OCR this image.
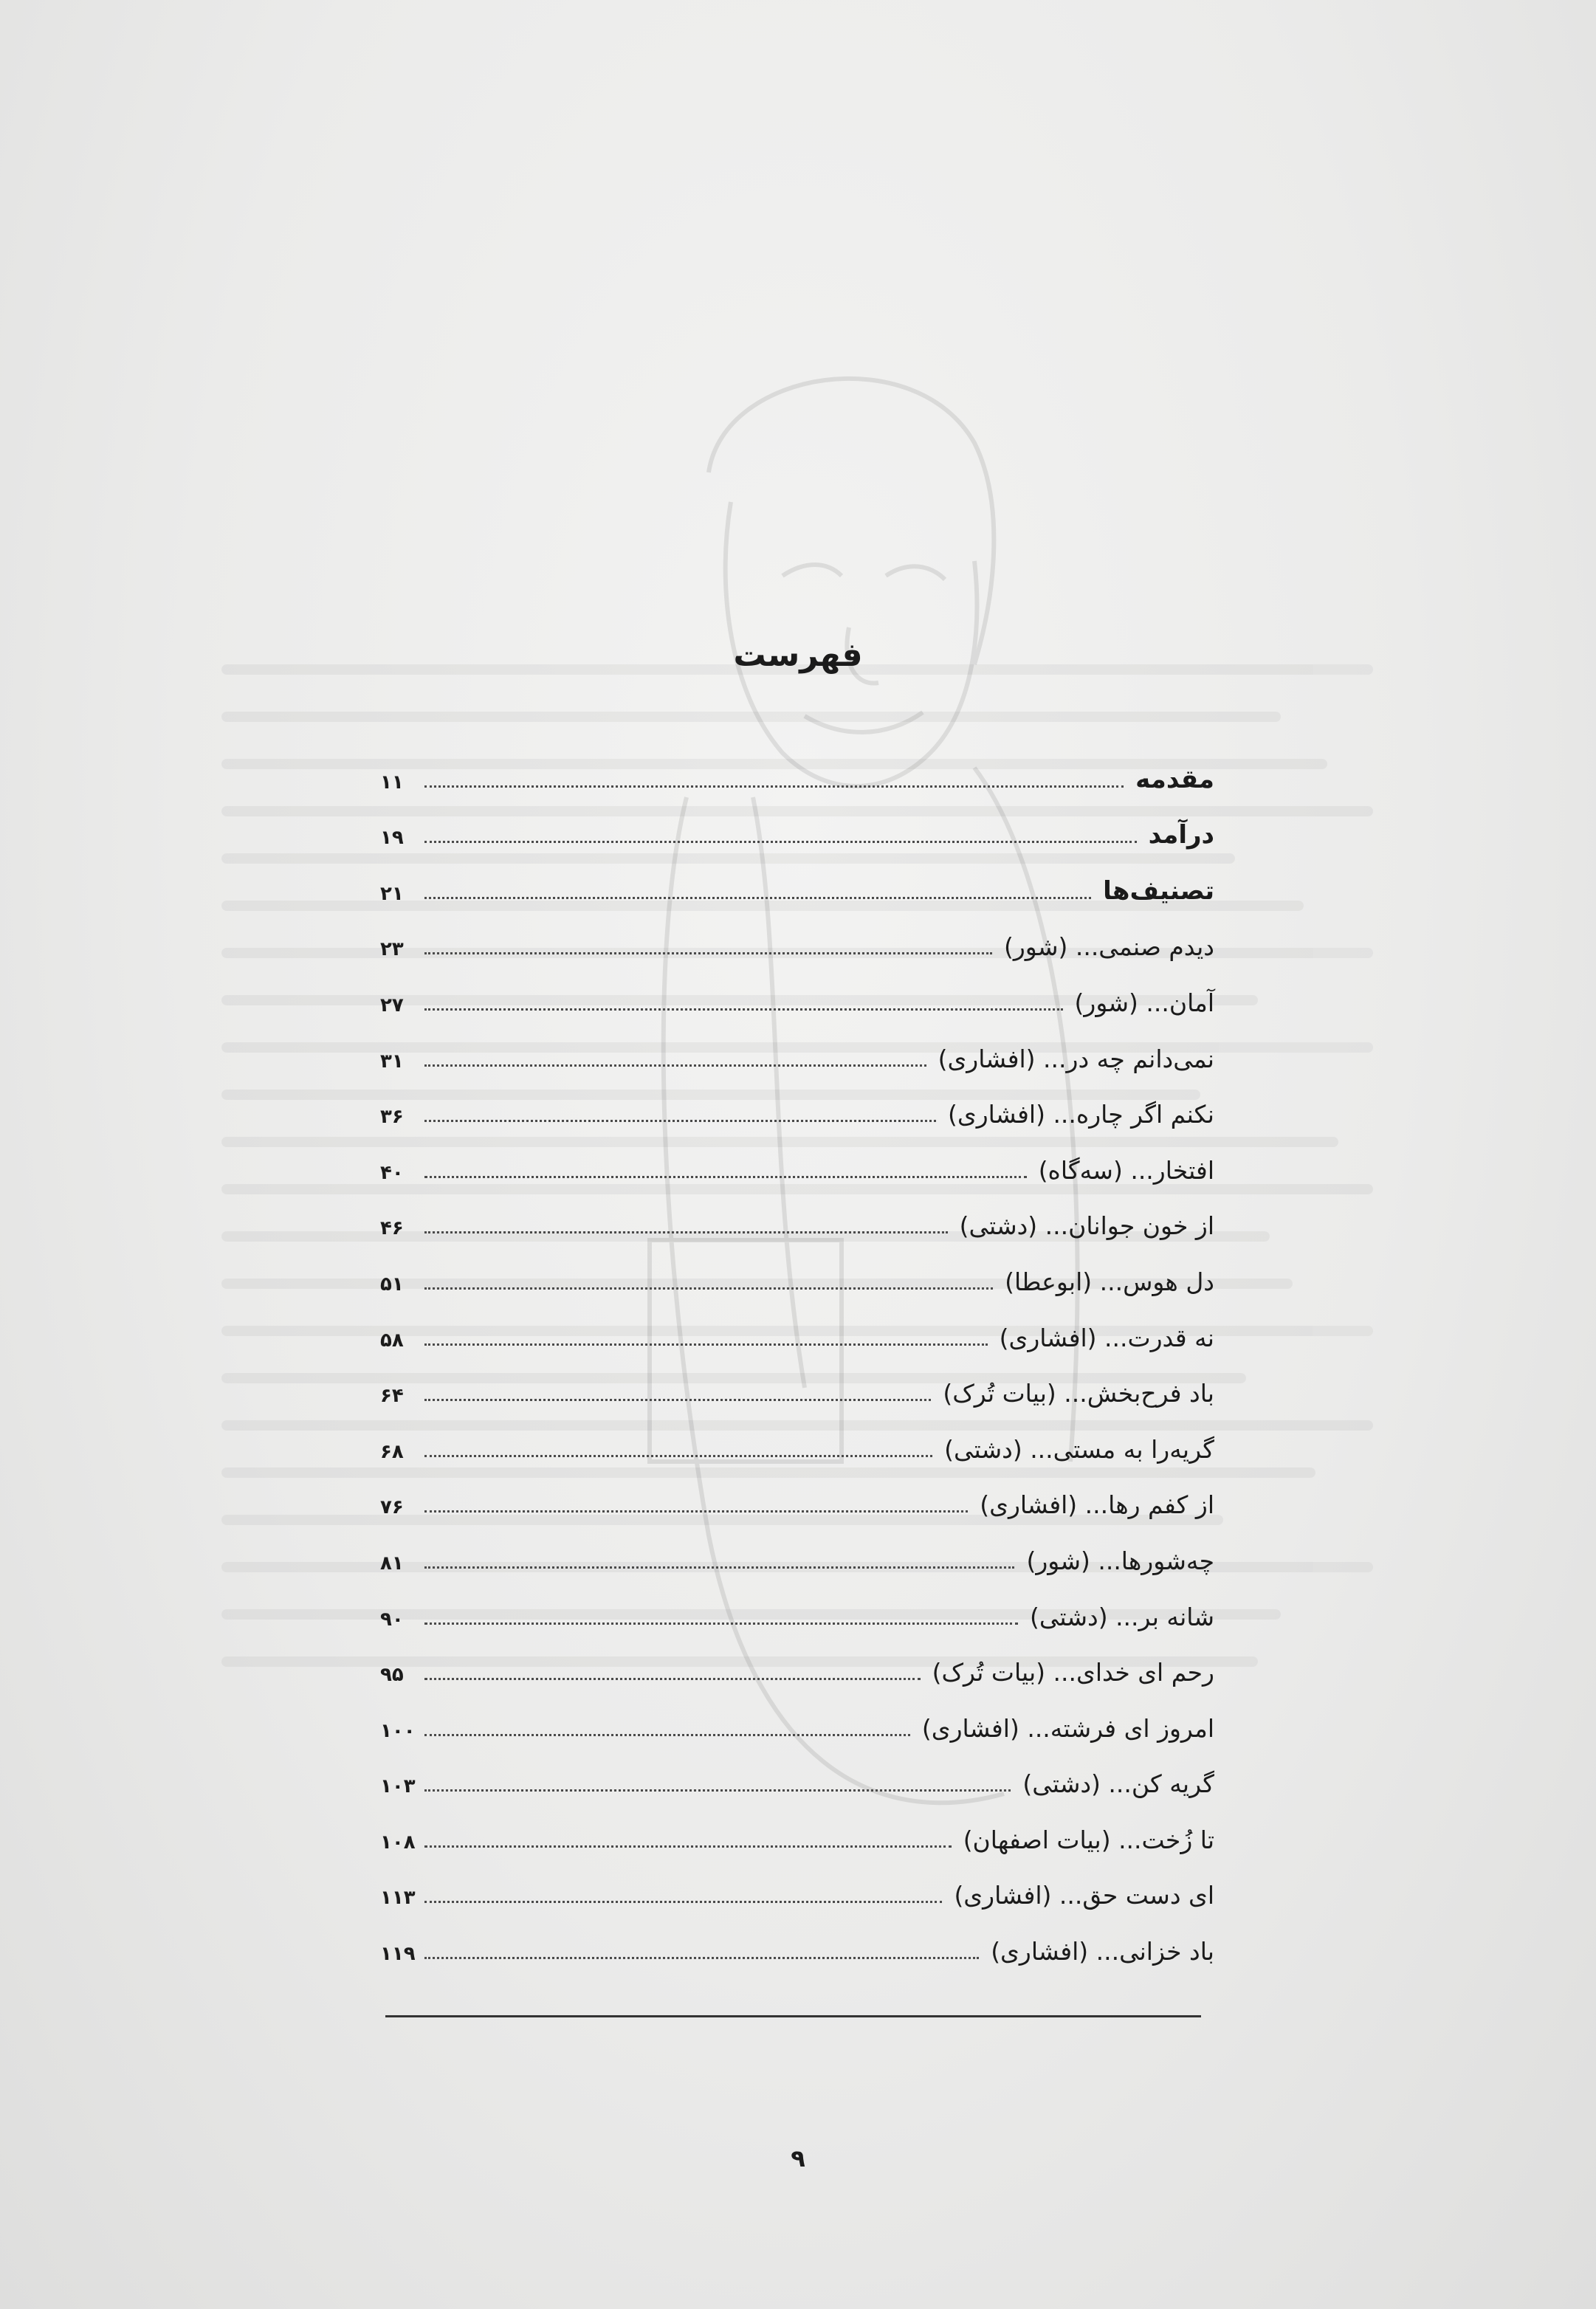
فهرست
مقدمه
۱۱
درآمد
۱۹
تصنیف‌ها
۲۱
دیدم صنمی... (شور)
۲۳
آمان... (شور)
۲۷
نمی‌دانم چه در... (افشاری)
۳۱
نکنم اگر چاره... (افشاری)
۳۶
افتخار... (سه‌گاه)
۴۰
از خون جوانان... (دشتی)
۴۶
دل هوس... (ابوعطا)
۵۱
نه قدرت... (افشاری)
۵۸
باد فرح‌بخش... (بیات تُرک)
۶۴
گریه‌را به مستی... (دشتی)
۶۸
از کفم رها... (افشاری)
۷۶
چه‌شورها... (شور)
۸۱
شانه بر... (دشتی)
۹۰
رحم ای خدای... (بیات تُرک)
۹۵
امروز ای فرشته... (افشاری)
۱۰۰
گریه کن... (دشتی)
۱۰۳
تا زُخت... (بیات اصفهان)
۱۰۸
ای دست حق... (افشاری)
۱۱۳
باد خزانی... (افشاری)
۱۱۹
۹
